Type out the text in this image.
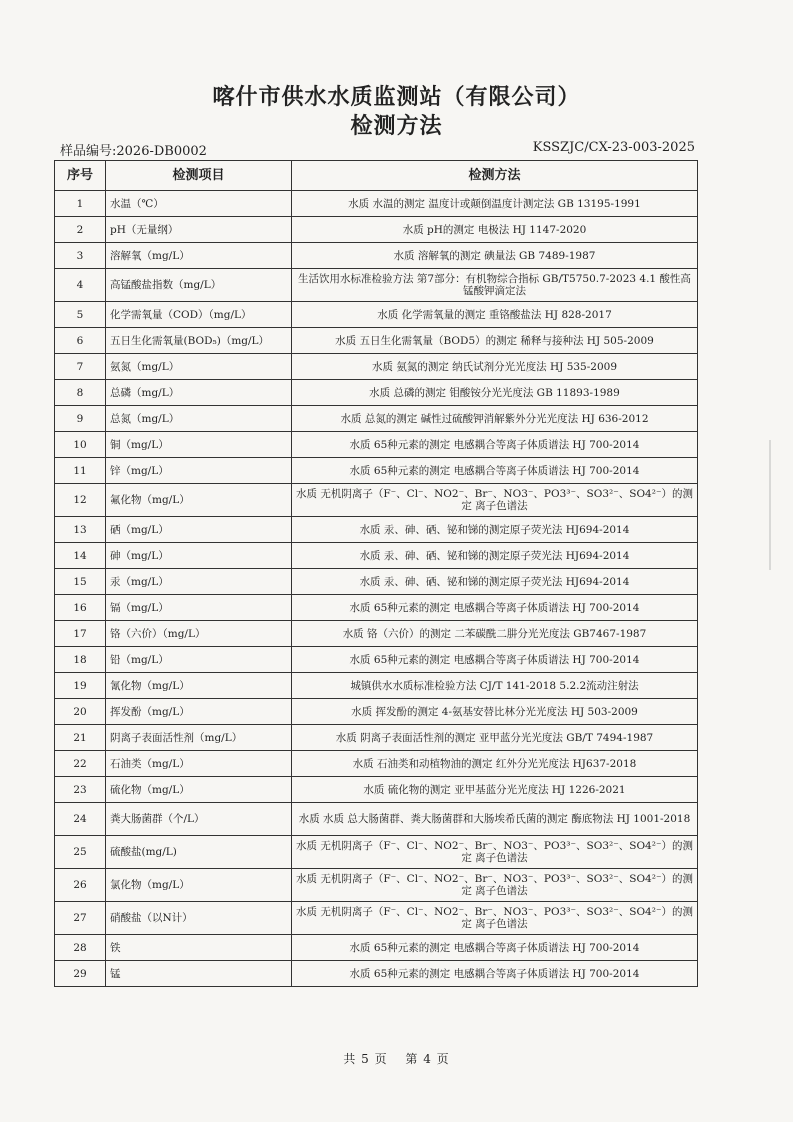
喀什市供水水质监测站（有限公司）
检测方法
样品编号:2026-DB0002	KSSZJC/CX-23-003-2025
序号	检测项目	检测方法
1	水温（℃）	水质 水温的测定 温度计或颠倒温度计测定法 GB 13195-1991
2	pH（无量纲）	水质 pH的测定 电极法 HJ 1147-2020
3	溶解氧（mg/L）	水质 溶解氧的测定 碘量法 GB 7489-1987
4	高锰酸盐指数（mg/L）	生活饮用水标准检验方法 第7部分：有机物综合指标 GB/T5750.7-2023 4.1 酸性高锰酸钾滴定法
5	化学需氧量（COD）（mg/L）	水质 化学需氧量的测定 重铬酸盐法 HJ 828-2017
6	五日生化需氧量(BOD₅)（mg/L）	水质 五日生化需氧量（BOD5）的测定 稀释与接种法 HJ 505-2009
7	氨氮（mg/L）	水质 氨氮的测定 纳氏试剂分光光度法 HJ 535-2009
8	总磷（mg/L）	水质 总磷的测定 钼酸铵分光光度法 GB 11893-1989
9	总氮（mg/L）	水质 总氮的测定 碱性过硫酸钾消解紫外分光光度法 HJ 636-2012
10	铜（mg/L）	水质 65种元素的测定 电感耦合等离子体质谱法 HJ 700-2014
11	锌（mg/L）	水质 65种元素的测定 电感耦合等离子体质谱法 HJ 700-2014
12	氟化物（mg/L）	水质 无机阴离子（F⁻、Cl⁻、NO2⁻、Br⁻、NO3⁻、PO3³⁻、SO3²⁻、SO4²⁻）的测定 离子色谱法
13	硒（mg/L）	水质 汞、砷、硒、铋和锑的测定原子荧光法 HJ694-2014
14	砷（mg/L）	水质 汞、砷、硒、铋和锑的测定原子荧光法 HJ694-2014
15	汞（mg/L）	水质 汞、砷、硒、铋和锑的测定原子荧光法 HJ694-2014
16	镉（mg/L）	水质 65种元素的测定 电感耦合等离子体质谱法 HJ 700-2014
17	铬（六价）（mg/L）	水质 铬（六价）的测定 二苯碳酰二肼分光光度法 GB7467-1987
18	铅（mg/L）	水质 65种元素的测定 电感耦合等离子体质谱法 HJ 700-2014
19	氰化物（mg/L）	城镇供水水质标准检验方法 CJ/T 141-2018 5.2.2流动注射法
20	挥发酚（mg/L）	水质 挥发酚的测定 4-氨基安替比林分光光度法 HJ 503-2009
21	阴离子表面活性剂（mg/L）	水质 阴离子表面活性剂的测定 亚甲蓝分光光度法 GB/T 7494-1987
22	石油类（mg/L）	水质 石油类和动植物油的测定 红外分光光度法 HJ637-2018
23	硫化物（mg/L）	水质 硫化物的测定 亚甲基蓝分光光度法 HJ 1226-2021
24	粪大肠菌群（个/L）	水质 水质 总大肠菌群、粪大肠菌群和大肠埃希氏菌的测定 酶底物法 HJ 1001-2018
25	硫酸盐(mg/L)	水质 无机阴离子（F⁻、Cl⁻、NO2⁻、Br⁻、NO3⁻、PO3³⁻、SO3²⁻、SO4²⁻）的测定 离子色谱法
26	氯化物（mg/L）	水质 无机阴离子（F⁻、Cl⁻、NO2⁻、Br⁻、NO3⁻、PO3³⁻、SO3²⁻、SO4²⁻）的测定 离子色谱法
27	硝酸盐（以N计）	水质 无机阴离子（F⁻、Cl⁻、NO2⁻、Br⁻、NO3⁻、PO3³⁻、SO3²⁻、SO4²⁻）的测定 离子色谱法
28	铁	水质 65种元素的测定 电感耦合等离子体质谱法 HJ 700-2014
29	锰	水质 65种元素的测定 电感耦合等离子体质谱法 HJ 700-2014
共 5 页　 第 4 页
